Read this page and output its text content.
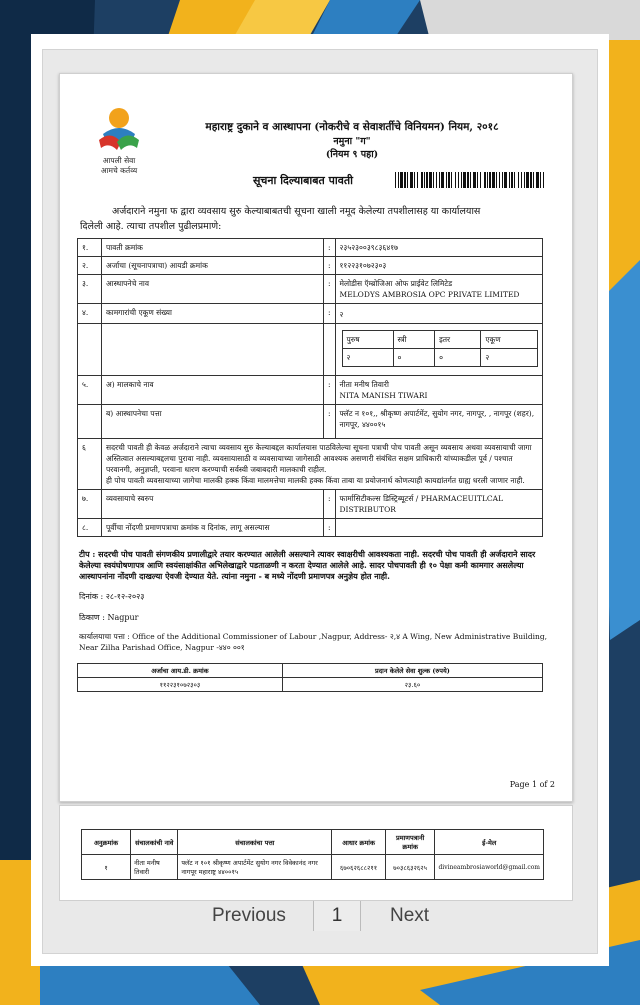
आपली सेवा
आमचे कर्तव्य
महाराष्ट्र दुकाने व आस्थापना (नोकरीचे व सेवाशर्तीचे विनियमन) नियम, २०१८
नमुना "ग"
(नियम ९ पहा)
सूचना दिल्याबाबत पावती
अर्जदाराने नमुना फ द्वारा व्यवसाय सुरु केल्याबाबतची सूचना खाली नमूद केलेल्या तपशीलासह या कार्यालयास
दिलेली आहे. त्याचा तपशील पुढीलप्रमाणे:
१.	पावती क्रमांक	:	२३५२३००३९८३६४१७
२.	अर्जाचा (सूचनापत्राचा) आयडी क्रमांक	:	११२२३१०७२३०३
३.	आस्थापनेचे नाव	:	मेलोडीस ऍम्ब्रोजिआ ओफ प्राईवेट लिमिटेड
MELODYS AMBROSIA OPC PRIVATE LIMITED

४.	कामगारांची एकूण संख्या	:	२

पुरुष	स्त्री	इतर	एकूण
२	०	०	२

५.	अ) मालकाचे नाव	:	नीता मनीष तिवारी
NITA MANISH TIWARI

	ब) आस्थापनेचा पत्ता	:	फ्लॅट न १०१,, श्रीकृष्ण अपार्टमेंट, सुयोग नगर, नागपूर, , नागपूर (शहर), नागपूर, ४४००१५
६	सदरची पावती ही केवळ अर्जदाराने त्याचा व्यवसाय सुरु केल्याबद्दल कार्यालयास पाठविलेल्या सूचना पत्राची पोच पावती असून व्यवसाय अथवा व्यवसायाची जागा अस्तित्वात असल्याबद्दलचा पुरावा नाही. व्यवसायासाठी व व्यवसायाच्या जागेसाठी आवश्यक असणारी संबंधित सक्षम प्राधिकारी यांच्याकडील पूर्व / पश्चात परवानगी, अनुज्ञप्ती, परवाना धारण करण्याची सर्वस्वी जबाबदारी मालकाची राहील.
ही पोच पावती व्यवसायाच्या जागेचा मालकी हक्क किंवा मालमत्तेचा मालकी हक्क किंवा ताबा या प्रयोजनार्थ कोणत्याही कायद्यांतर्गत ग्राह्य धरली जाणार नाही.

७.	व्यवसायाचे स्वरुप	:	फार्मासिटीकल्स डिस्ट्रिब्यूटर्स / PHARMACEUITLCAL DISTRIBUTOR
८.	पूर्वीचा नोंदणी प्रमाणपत्राचा क्रमांक व दिनांक, लागू असल्यास	:	
टीप : सदरची पोच पावती संगणकीय प्रणालीद्वारे तयार करण्यात आलेली असल्याने त्यावर स्वाक्षरीची आवश्यकता नाही. सदरची पोच पावती ही अर्जदाराने सादर केलेल्या स्वयंघोषणापत्र आणि स्वयंसाक्षांकीत अभिलेखाद्वारे पडताळणी न करता देण्यात आलेले आहे. सादर पोचपावती ही १० पेक्षा कमी कामगार असलेल्या आस्थापनांना नोंदणी दाखल्या ऐवजी देण्यात येते. त्यांना नमुना - ब मध्ये नोंदणी प्रमाणपत्र अनुज्ञेय होत नाही.
दिनांक : २८-१२-२०२३
ठिकाण : Nagpur
कार्यालयाचा पत्ता : Office of the Additional Commissioner of Labour ,Nagpur, Address- २,४ A Wing, New Administrative Building, Near Zilha Parishad Office, Nagpur -४४० ००१
अर्जाचा आय.डी. क्रमांक	प्रदान केलेले सेवा शुल्क (रुपये)
११२२३१०७२३०३	२३.६०
Page 1 of 2
अनुक्रमांक	संचालकांची नावे	संचालकांचा पत्ता	आधार क्रमांक	प्रमाणपत्रानी क्रमांक	ई-मेल
१	नीता मनीष तिवारी	फ्लॅट न १०१ श्रीकृष्ण अपार्टमेंट सुयोग नगर विवेकानंद नगर नागपूर महाराष्ट्र ४४००१५	६७०६२६८८२११	७०३८६३२६२५	divineambrosiaworld@gmail.com
Previous	1	Next
